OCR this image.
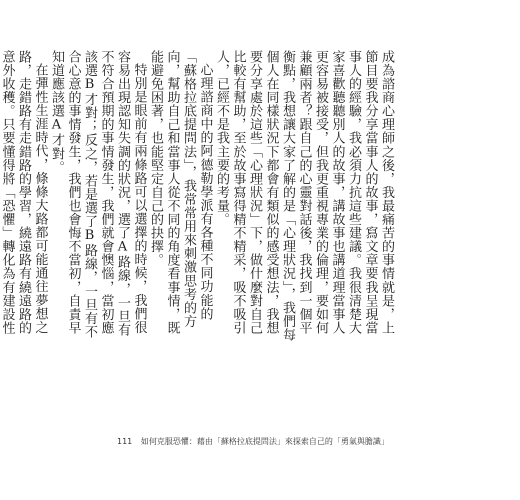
成為諮商心理師之後，我最痛苦的事情就是，上節目要我分享當事人的故事，寫文章要我呈現當事人的經驗，我必須力抗這些建議。我很清楚大家喜歡聽聽別人的故事，講故事也講道理當事人更容易被接受，但我更重視專業的倫理，要如何兼顧兩者？跟自己的心靈對話後，我找到一個平衡點，我想讓大家了解的是「心理狀況」，我們每個人在同樣狀況下都會有類似的感受想法，我想要分享處於這些「心理狀況」下，做什麼對自己比較有幫助，至於故事寫得精不精采，吸不吸引人，已經不是我主要的考量。

心理諮商中的阿德勒學派有各種不同功能的「蘇格拉底提問法」，我常常用來刺激思考的方向，幫助自己和當事人從不同的角度看事情，既能避免困著，也能堅定自己的抉擇。

特別是眼前有兩條路可以選擇的時候，我們很容易出現認知失調的狀況，選了A路線，一旦有不符合預期的事情發生，我們就會懊惱，當初應該選B才對；反之，若是選了B路線，一旦有不合心意的事情發生，我們也會悔不當初，自責早知道應該選A才對。

在彈性生涯時代，條條大路都可能通往夢想之路，走錯路有走錯路的學習，繞遠路有繞遠路的意外收穫。只要懂得將「恐懼」轉化為有建設性

111 如何克服恐懼：藉由「蘇格拉底提問法」來探索自己的「勇氣與膽識」
